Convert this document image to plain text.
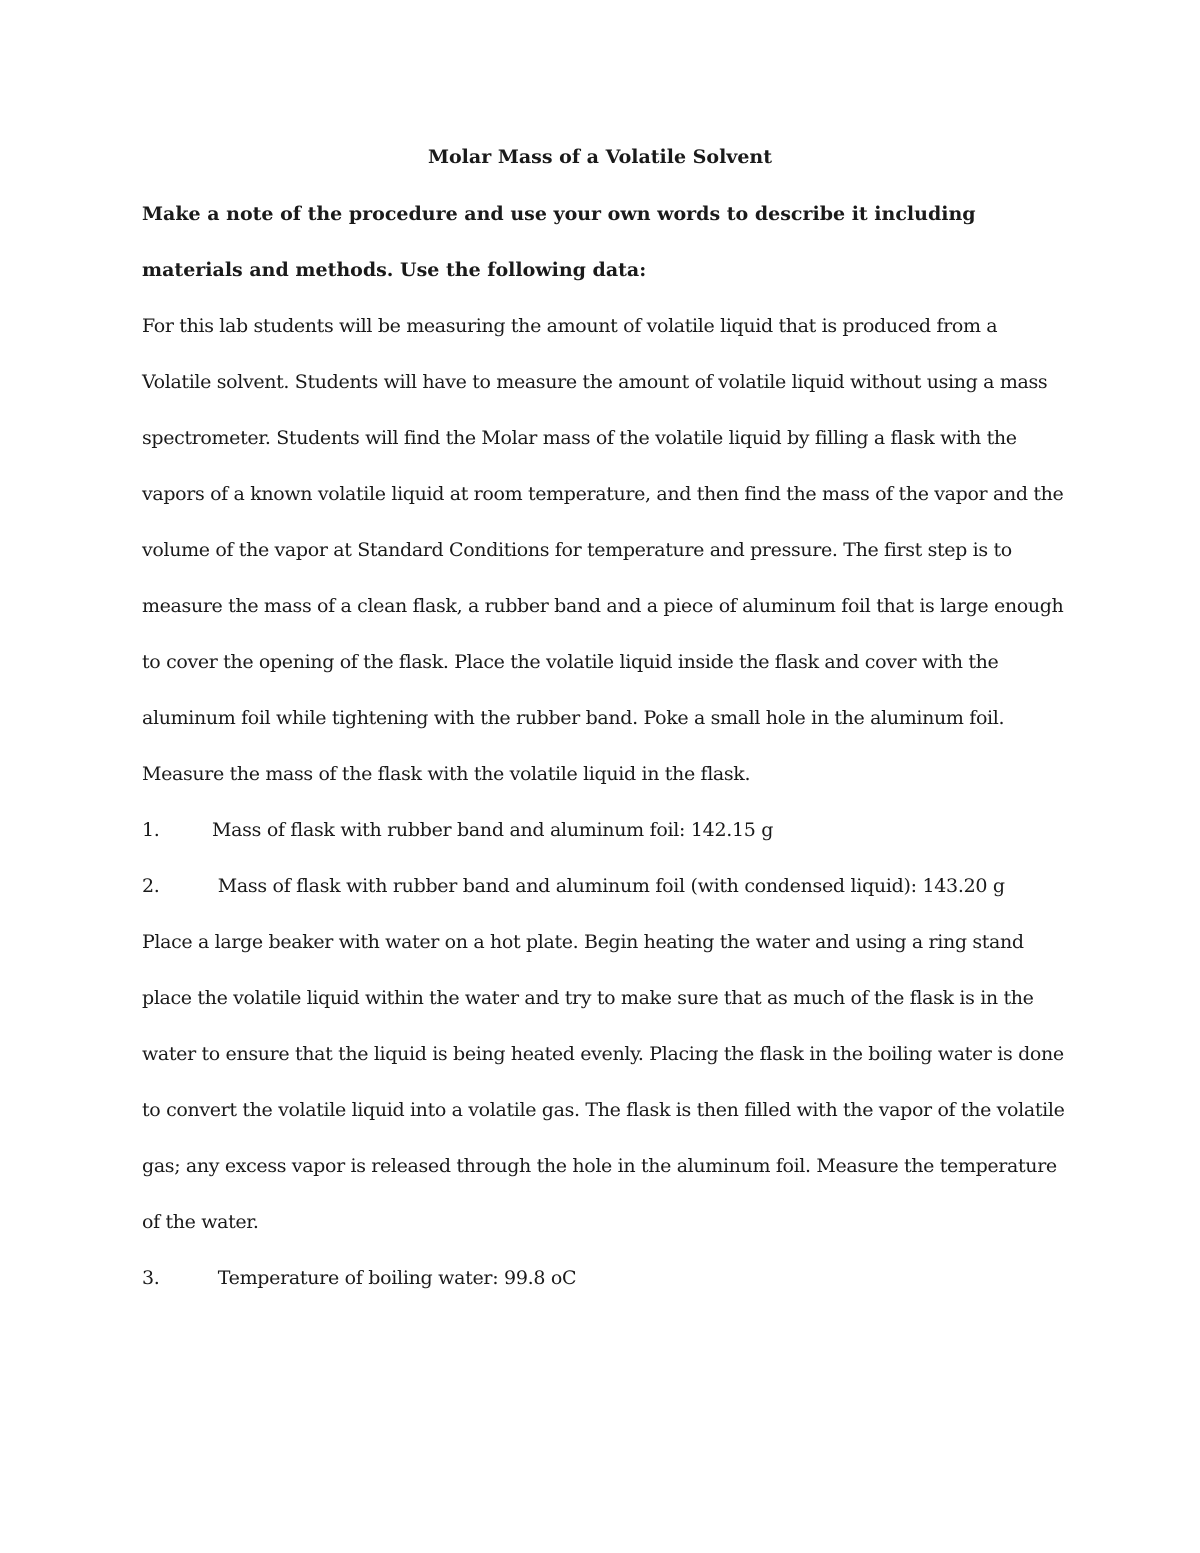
Molar Mass of a Volatile Solvent

Make a note of the procedure and use your own words to describe it including materials and methods. Use the following data:

For this lab students will be measuring the amount of volatile liquid that is produced from a Volatile solvent. Students will have to measure the amount of volatile liquid without using a mass spectrometer. Students will find the Molar mass of the volatile liquid by filling a flask with the vapors of a known volatile liquid at room temperature, and then find the mass of the vapor and the volume of the vapor at Standard Conditions for temperature and pressure. The first step is to measure the mass of a clean flask, a rubber band and a piece of aluminum foil that is large enough to cover the opening of the flask. Place the volatile liquid inside the flask and cover with the aluminum foil while tightening with the rubber band. Poke a small hole in the aluminum foil. Measure the mass of the flask with the volatile liquid in the flask.

1.	Mass of flask with rubber band and aluminum foil: 142.15 g

2.	Mass of flask with rubber band and aluminum foil (with condensed liquid): 143.20 g

Place a large beaker with water on a hot plate. Begin heating the water and using a ring stand place the volatile liquid within the water and try to make sure that as much of the flask is in the water to ensure that the liquid is being heated evenly. Placing the flask in the boiling water is done to convert the volatile liquid into a volatile gas. The flask is then filled with the vapor of the volatile gas; any excess vapor is released through the hole in the aluminum foil. Measure the temperature of the water.

3.	Temperature of boiling water: 99.8 oC
